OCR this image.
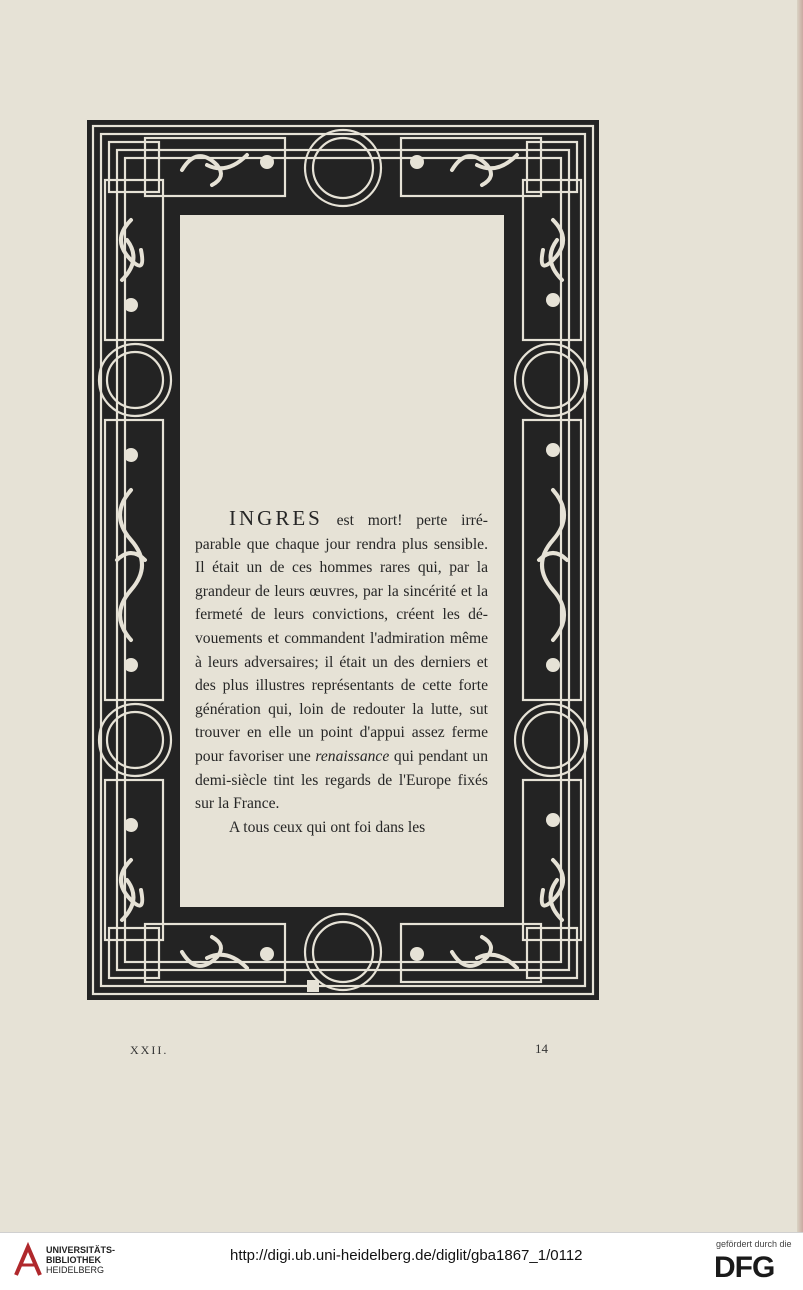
INGRES est mort! perte irréparable que chaque jour rendra plus sensible. Il était un de ces hommes rares qui, par la grandeur de leurs œuvres, par la sincérité et la fermeté de leurs convictions, créent les dévouements et commandent l'admiration même à leurs adversaires; il était un des derniers et des plus illustres représentants de cette forte génération qui, loin de redouter la lutte, sut trouver en elle un point d'appui assez ferme pour favoriser une renaissance qui pendant un demi-siècle tint les regards de l'Europe fixés sur la France.

A tous ceux qui ont foi dans les

XXII.	14
UNIVERSITÄTS-
BIBLIOTHEK
HEIDELBERG
http://digi.ub.uni-heidelberg.de/diglit/gba1867_1/0112
gefördert durch die
DFG
